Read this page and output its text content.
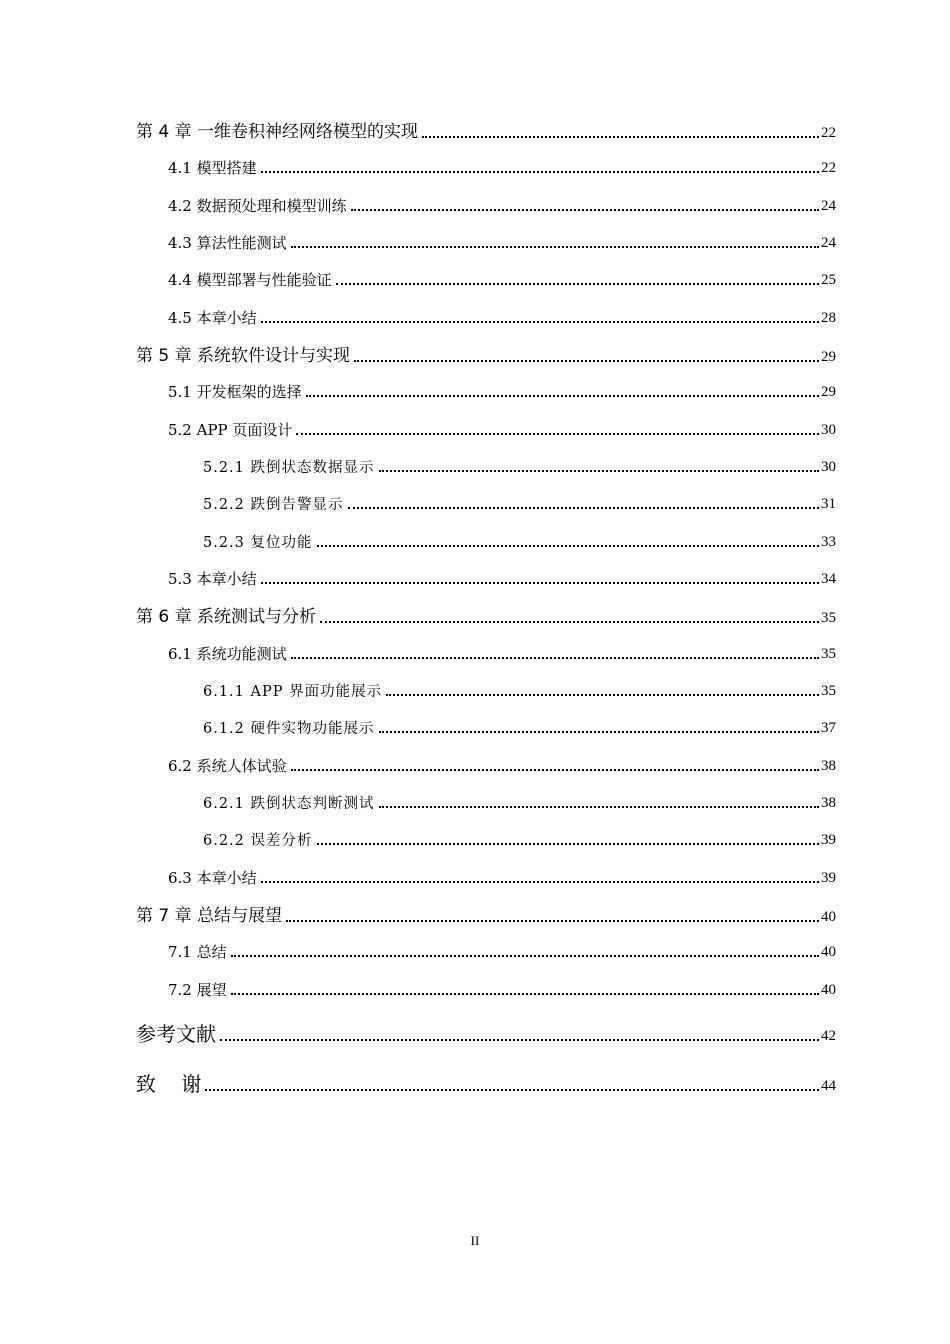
第 4 章 一维卷积神经网络模型的实现	22
4.1 模型搭建	22
4.2 数据预处理和模型训练	24
4.3 算法性能测试	24
4.4 模型部署与性能验证	25
4.5 本章小结	28
第 5 章 系统软件设计与实现	29
5.1 开发框架的选择	29
5.2 APP 页面设计	30
5.2.1 跌倒状态数据显示	30
5.2.2 跌倒告警显示	31
5.2.3 复位功能	33
5.3 本章小结	34
第 6 章 系统测试与分析	35
6.1 系统功能测试	35
6.1.1 APP 界面功能展示	35
6.1.2 硬件实物功能展示	37
6.2 系统人体试验	38
6.2.1 跌倒状态判断测试	38
6.2.2 误差分析	39
6.3 本章小结	39
第 7 章 总结与展望	40
7.1 总结	40
7.2 展望	40
参考文献	42
致    谢	44
II
